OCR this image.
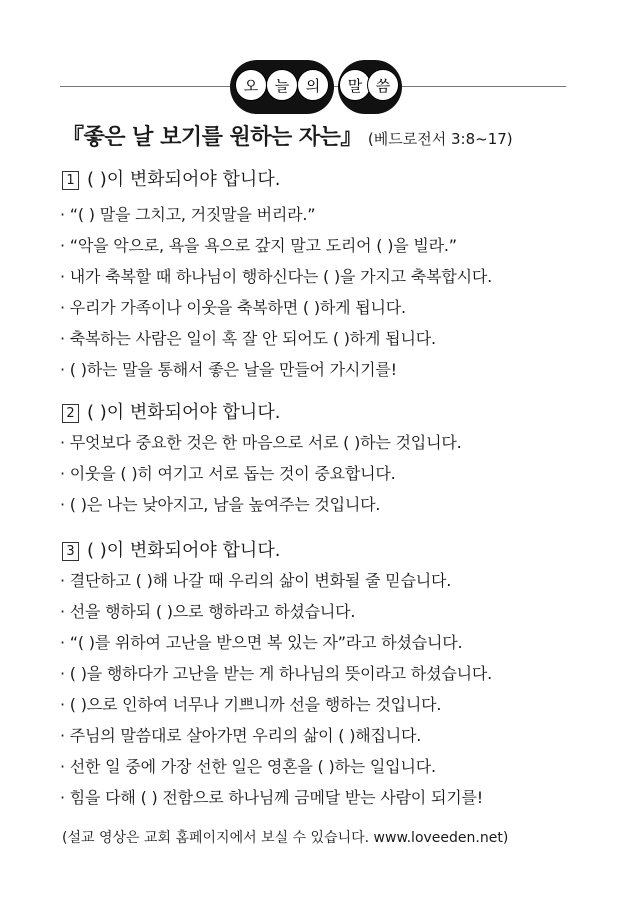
오	늘	의	말 씀
『좋은 날 보기를 원하는 자는』 (베드로전서 3:8~17)
1 ( )이 변화되어야 합니다.
· “( ) 말을 그치고, 거짓말을 버리라.”
· “악을 악으로, 욕을 욕으로 갚지 말고 도리어 ( )을 빌라.”
· 내가 축복할 때 하나님이 행하신다는 ( )을 가지고 축복합시다.
· 우리가 가족이나 이웃을 축복하면 ( )하게 됩니다.
· 축복하는 사람은 일이 혹 잘 안 되어도 ( )하게 됩니다.
· ( )하는 말을 통해서 좋은 날을 만들어 가시기를!
2 ( )이 변화되어야 합니다.
· 무엇보다 중요한 것은 한 마음으로 서로 ( )하는 것입니다.
· 이웃을 ( )히 여기고 서로 돕는 것이 중요합니다.
· ( )은 나는 낮아지고, 남을 높여주는 것입니다.
3 ( )이 변화되어야 합니다.
· 결단하고 ( )해 나갈 때 우리의 삶이 변화될 줄 믿습니다.
· 선을 행하되 ( )으로 행하라고 하셨습니다.
· “( )를 위하여 고난을 받으면 복 있는 자”라고 하셨습니다.
· ( )을 행하다가 고난을 받는 게 하나님의 뜻이라고 하셨습니다.
· ( )으로 인하여 너무나 기쁘니까 선을 행하는 것입니다.
· 주님의 말씀대로 살아가면 우리의 삶이 ( )해집니다.
· 선한 일 중에 가장 선한 일은 영혼을 ( )하는 일입니다.
· 힘을 다해 ( ) 전함으로 하나님께 금메달 받는 사람이 되기를!
(설교 영상은 교회 홈페이지에서 보실 수 있습니다. www.loveeden.net)
